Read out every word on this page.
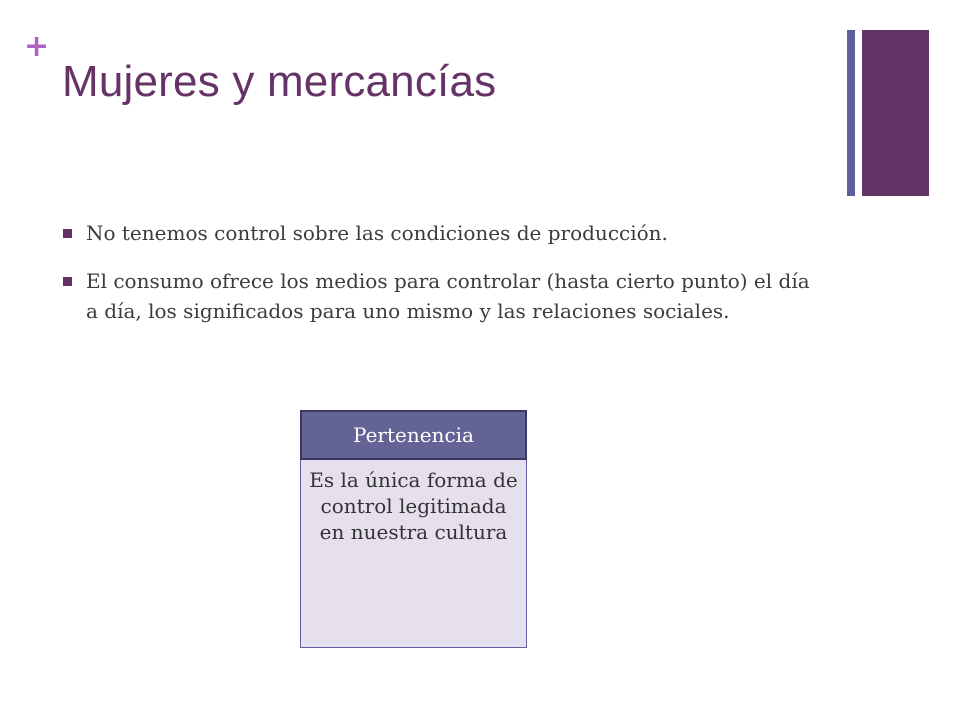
+
Mujeres y mercancías
No tenemos control sobre las condiciones de producción.
El consumo ofrece los medios para controlar (hasta cierto punto) el día a día, los significados para uno mismo y las relaciones sociales.

Es la única forma de control legitimada en nuestra cultura

Pertenencia
